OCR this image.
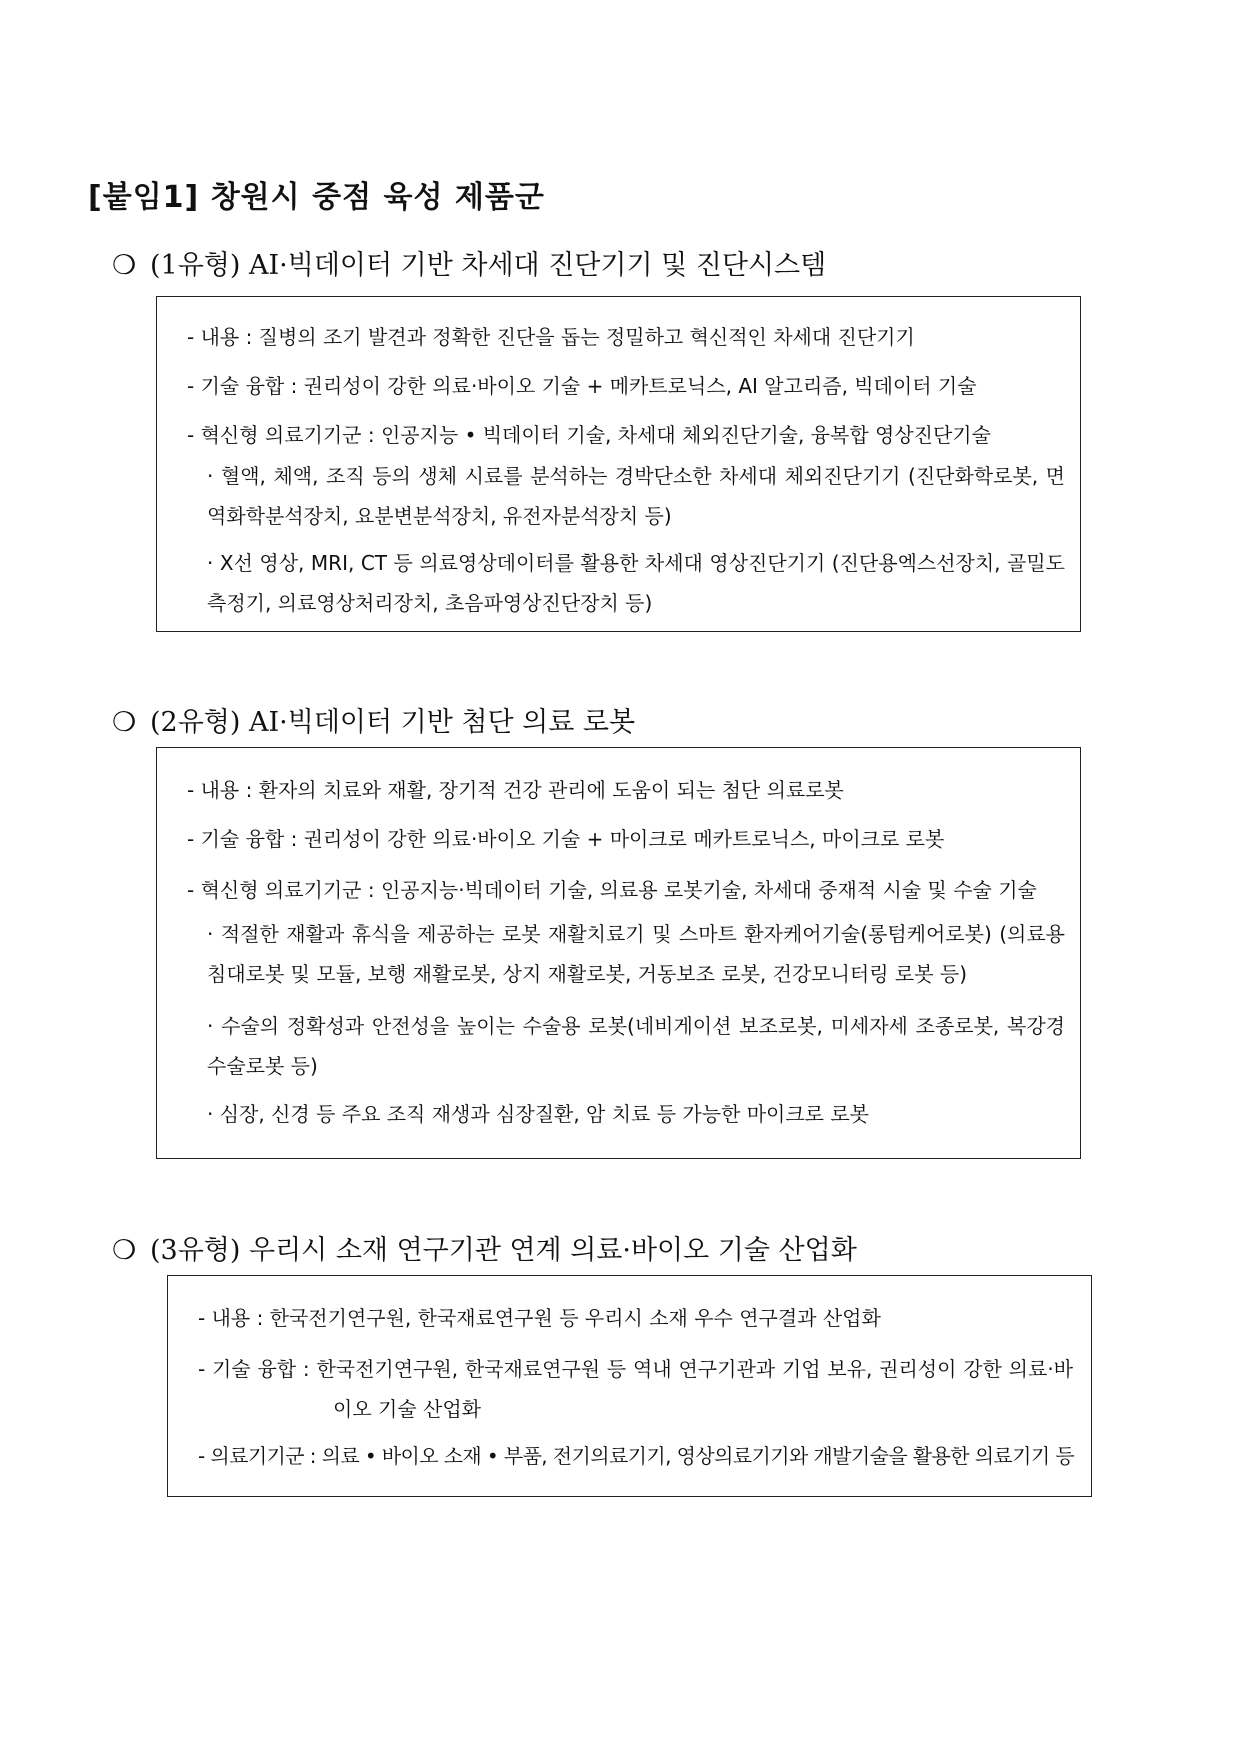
[붙임1] 창원시 중점 육성 제품군
❍ (1유형) AI·빅데이터 기반 차세대 진단기기 및 진단시스템
- 내용 : 질병의 조기 발견과 정확한 진단을 돕는 정밀하고 혁신적인 차세대 진단기기
- 기술 융합 : 권리성이 강한 의료·바이오 기술 + 메카트로닉스, AI 알고리즘, 빅데이터 기술
- 혁신형 의료기기군 : 인공지능 • 빅데이터 기술, 차세대 체외진단기술, 융복합 영상진단기술
· 혈액, 체액, 조직 등의 생체 시료를 분석하는 경박단소한 차세대 체외진단기기 (진단화학로봇, 면역화학분석장치, 요분변분석장치, 유전자분석장치 등)
· X선 영상, MRI, CT 등 의료영상데이터를 활용한 차세대 영상진단기기 (진단용엑스선장치, 골밀도측정기, 의료영상처리장치, 초음파영상진단장치 등)
❍ (2유형) AI·빅데이터 기반 첨단 의료 로봇
- 내용 : 환자의 치료와 재활, 장기적 건강 관리에 도움이 되는 첨단 의료로봇
- 기술 융합 : 권리성이 강한 의료·바이오 기술 + 마이크로 메카트로닉스, 마이크로 로봇
- 혁신형 의료기기군 : 인공지능·빅데이터 기술, 의료용 로봇기술, 차세대 중재적 시술 및 수술 기술
· 적절한 재활과 휴식을 제공하는 로봇 재활치료기 및 스마트 환자케어기술(롱텀케어로봇) (의료용침대로봇 및 모듈, 보행 재활로봇, 상지 재활로봇, 거동보조 로봇, 건강모니터링 로봇 등)
· 수술의 정확성과 안전성을 높이는 수술용 로봇(네비게이션 보조로봇, 미세자세 조종로봇, 복강경 수술로봇 등)
· 심장, 신경 등 주요 조직 재생과 심장질환, 암 치료 등 가능한 마이크로 로봇
❍ (3유형) 우리시 소재 연구기관 연계 의료·바이오 기술 산업화
- 내용 : 한국전기연구원, 한국재료연구원 등 우리시 소재 우수 연구결과 산업화
- 기술 융합 : 한국전기연구원, 한국재료연구원 등 역내 연구기관과 기업 보유, 권리성이 강한 의료·바이오 기술 산업화
- 의료기기군 : 의료 • 바이오 소재 • 부품, 전기의료기기, 영상의료기기와 개발기술을 활용한 의료기기 등
